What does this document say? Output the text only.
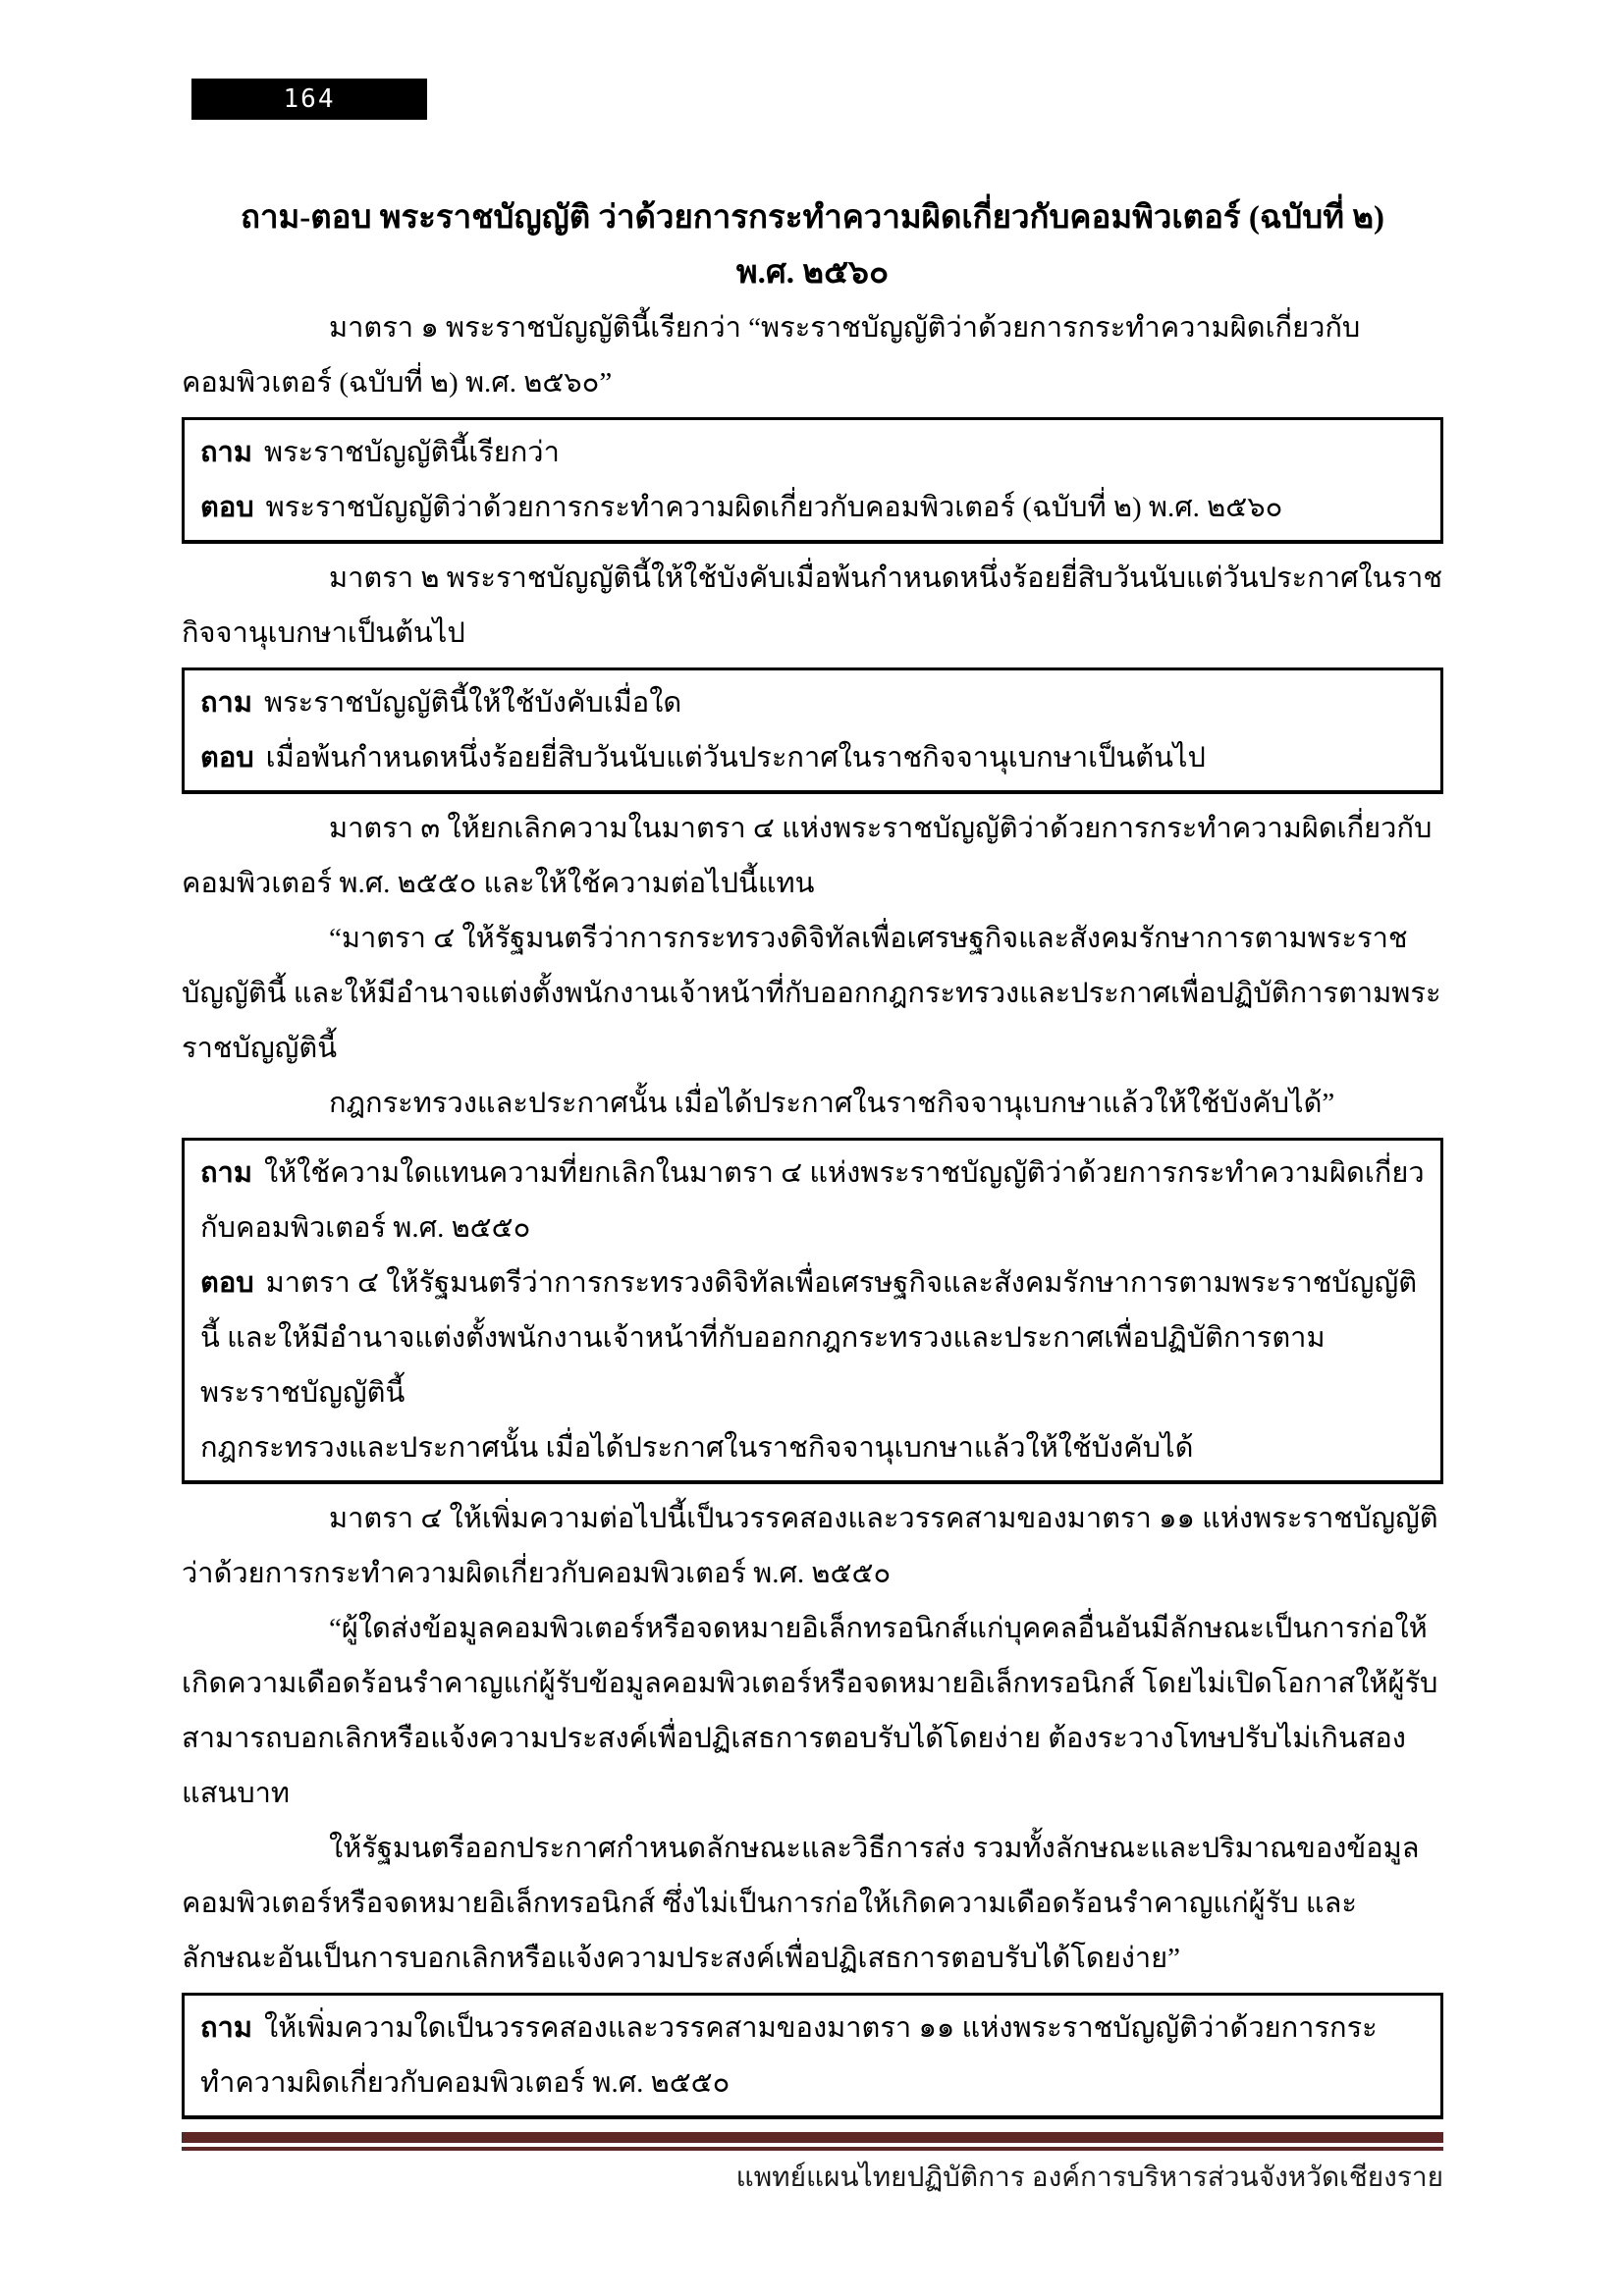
164
ถาม-ตอบ พระราชบัญญัติ ว่าด้วยการกระทำความผิดเกี่ยวกับคอมพิวเตอร์ (ฉบับที่ ๒)
พ.ศ. ๒๕๖๐

มาตรา ๑ พระราชบัญญัตินี้เรียกว่า “พระราชบัญญัติว่าด้วยการกระทำความผิดเกี่ยวกับคอมพิวเตอร์ (ฉบับที่ ๒) พ.ศ. ๒๕๖๐”

ถาม พระราชบัญญัตินี้เรียกว่า

ตอบ พระราชบัญญัติว่าด้วยการกระทำความผิดเกี่ยวกับคอมพิวเตอร์ (ฉบับที่ ๒) พ.ศ. ๒๕๖๐

มาตรา ๒ พระราชบัญญัตินี้ให้ใช้บังคับเมื่อพ้นกำหนดหนึ่งร้อยยี่สิบวันนับแต่วันประกาศในราชกิจจานุเบกษาเป็นต้นไป

ถาม พระราชบัญญัตินี้ให้ใช้บังคับเมื่อใด

ตอบ เมื่อพ้นกำหนดหนึ่งร้อยยี่สิบวันนับแต่วันประกาศในราชกิจจานุเบกษาเป็นต้นไป

มาตรา ๓ ให้ยกเลิกความในมาตรา ๔ แห่งพระราชบัญญัติว่าด้วยการกระทำความผิดเกี่ยวกับคอมพิวเตอร์ พ.ศ. ๒๕๕๐ และให้ใช้ความต่อไปนี้แทน

“มาตรา ๔ ให้รัฐมนตรีว่าการกระทรวงดิจิทัลเพื่อเศรษฐกิจและสังคมรักษาการตามพระราชบัญญัตินี้ และให้มีอำนาจแต่งตั้งพนักงานเจ้าหน้าที่กับออกกฎกระทรวงและประกาศเพื่อปฏิบัติการตามพระราชบัญญัตินี้

กฎกระทรวงและประกาศนั้น เมื่อได้ประกาศในราชกิจจานุเบกษาแล้วให้ใช้บังคับได้”

ถาม ให้ใช้ความใดแทนความที่ยกเลิกในมาตรา ๔ แห่งพระราชบัญญัติว่าด้วยการกระทำความผิดเกี่ยวกับคอมพิวเตอร์ พ.ศ. ๒๕๕๐

ตอบ มาตรา ๔ ให้รัฐมนตรีว่าการกระทรวงดิจิทัลเพื่อเศรษฐกิจและสังคมรักษาการตามพระราชบัญญัตินี้ และให้มีอำนาจแต่งตั้งพนักงานเจ้าหน้าที่กับออกกฎกระทรวงและประกาศเพื่อปฏิบัติการตาม

พระราชบัญญัตินี้

กฎกระทรวงและประกาศนั้น เมื่อได้ประกาศในราชกิจจานุเบกษาแล้วให้ใช้บังคับได้

มาตรา ๔ ให้เพิ่มความต่อไปนี้เป็นวรรคสองและวรรคสามของมาตรา ๑๑ แห่งพระราชบัญญัติว่าด้วยการกระทำความผิดเกี่ยวกับคอมพิวเตอร์ พ.ศ. ๒๕๕๐

“ผู้ใดส่งข้อมูลคอมพิวเตอร์หรือจดหมายอิเล็กทรอนิกส์แก่บุคคลอื่นอันมีลักษณะเป็นการก่อให้เกิดความเดือดร้อนรำคาญแก่ผู้รับข้อมูลคอมพิวเตอร์หรือจดหมายอิเล็กทรอนิกส์ โดยไม่เปิดโอกาสให้ผู้รับสามารถบอกเลิกหรือแจ้งความประสงค์เพื่อปฏิเสธการตอบรับได้โดยง่าย ต้องระวางโทษปรับไม่เกินสองแสนบาท

ให้รัฐมนตรีออกประกาศกำหนดลักษณะและวิธีการส่ง รวมทั้งลักษณะและปริมาณของข้อมูลคอมพิวเตอร์หรือจดหมายอิเล็กทรอนิกส์ ซึ่งไม่เป็นการก่อให้เกิดความเดือดร้อนรำคาญแก่ผู้รับ และลักษณะอันเป็นการบอกเลิกหรือแจ้งความประสงค์เพื่อปฏิเสธการตอบรับได้โดยง่าย”

ถาม ให้เพิ่มความใดเป็นวรรคสองและวรรคสามของมาตรา ๑๑ แห่งพระราชบัญญัติว่าด้วยการกระทำความผิดเกี่ยวกับคอมพิวเตอร์ พ.ศ. ๒๕๕๐

แพทย์แผนไทยปฏิบัติการ องค์การบริหารส่วนจังหวัดเชียงราย
